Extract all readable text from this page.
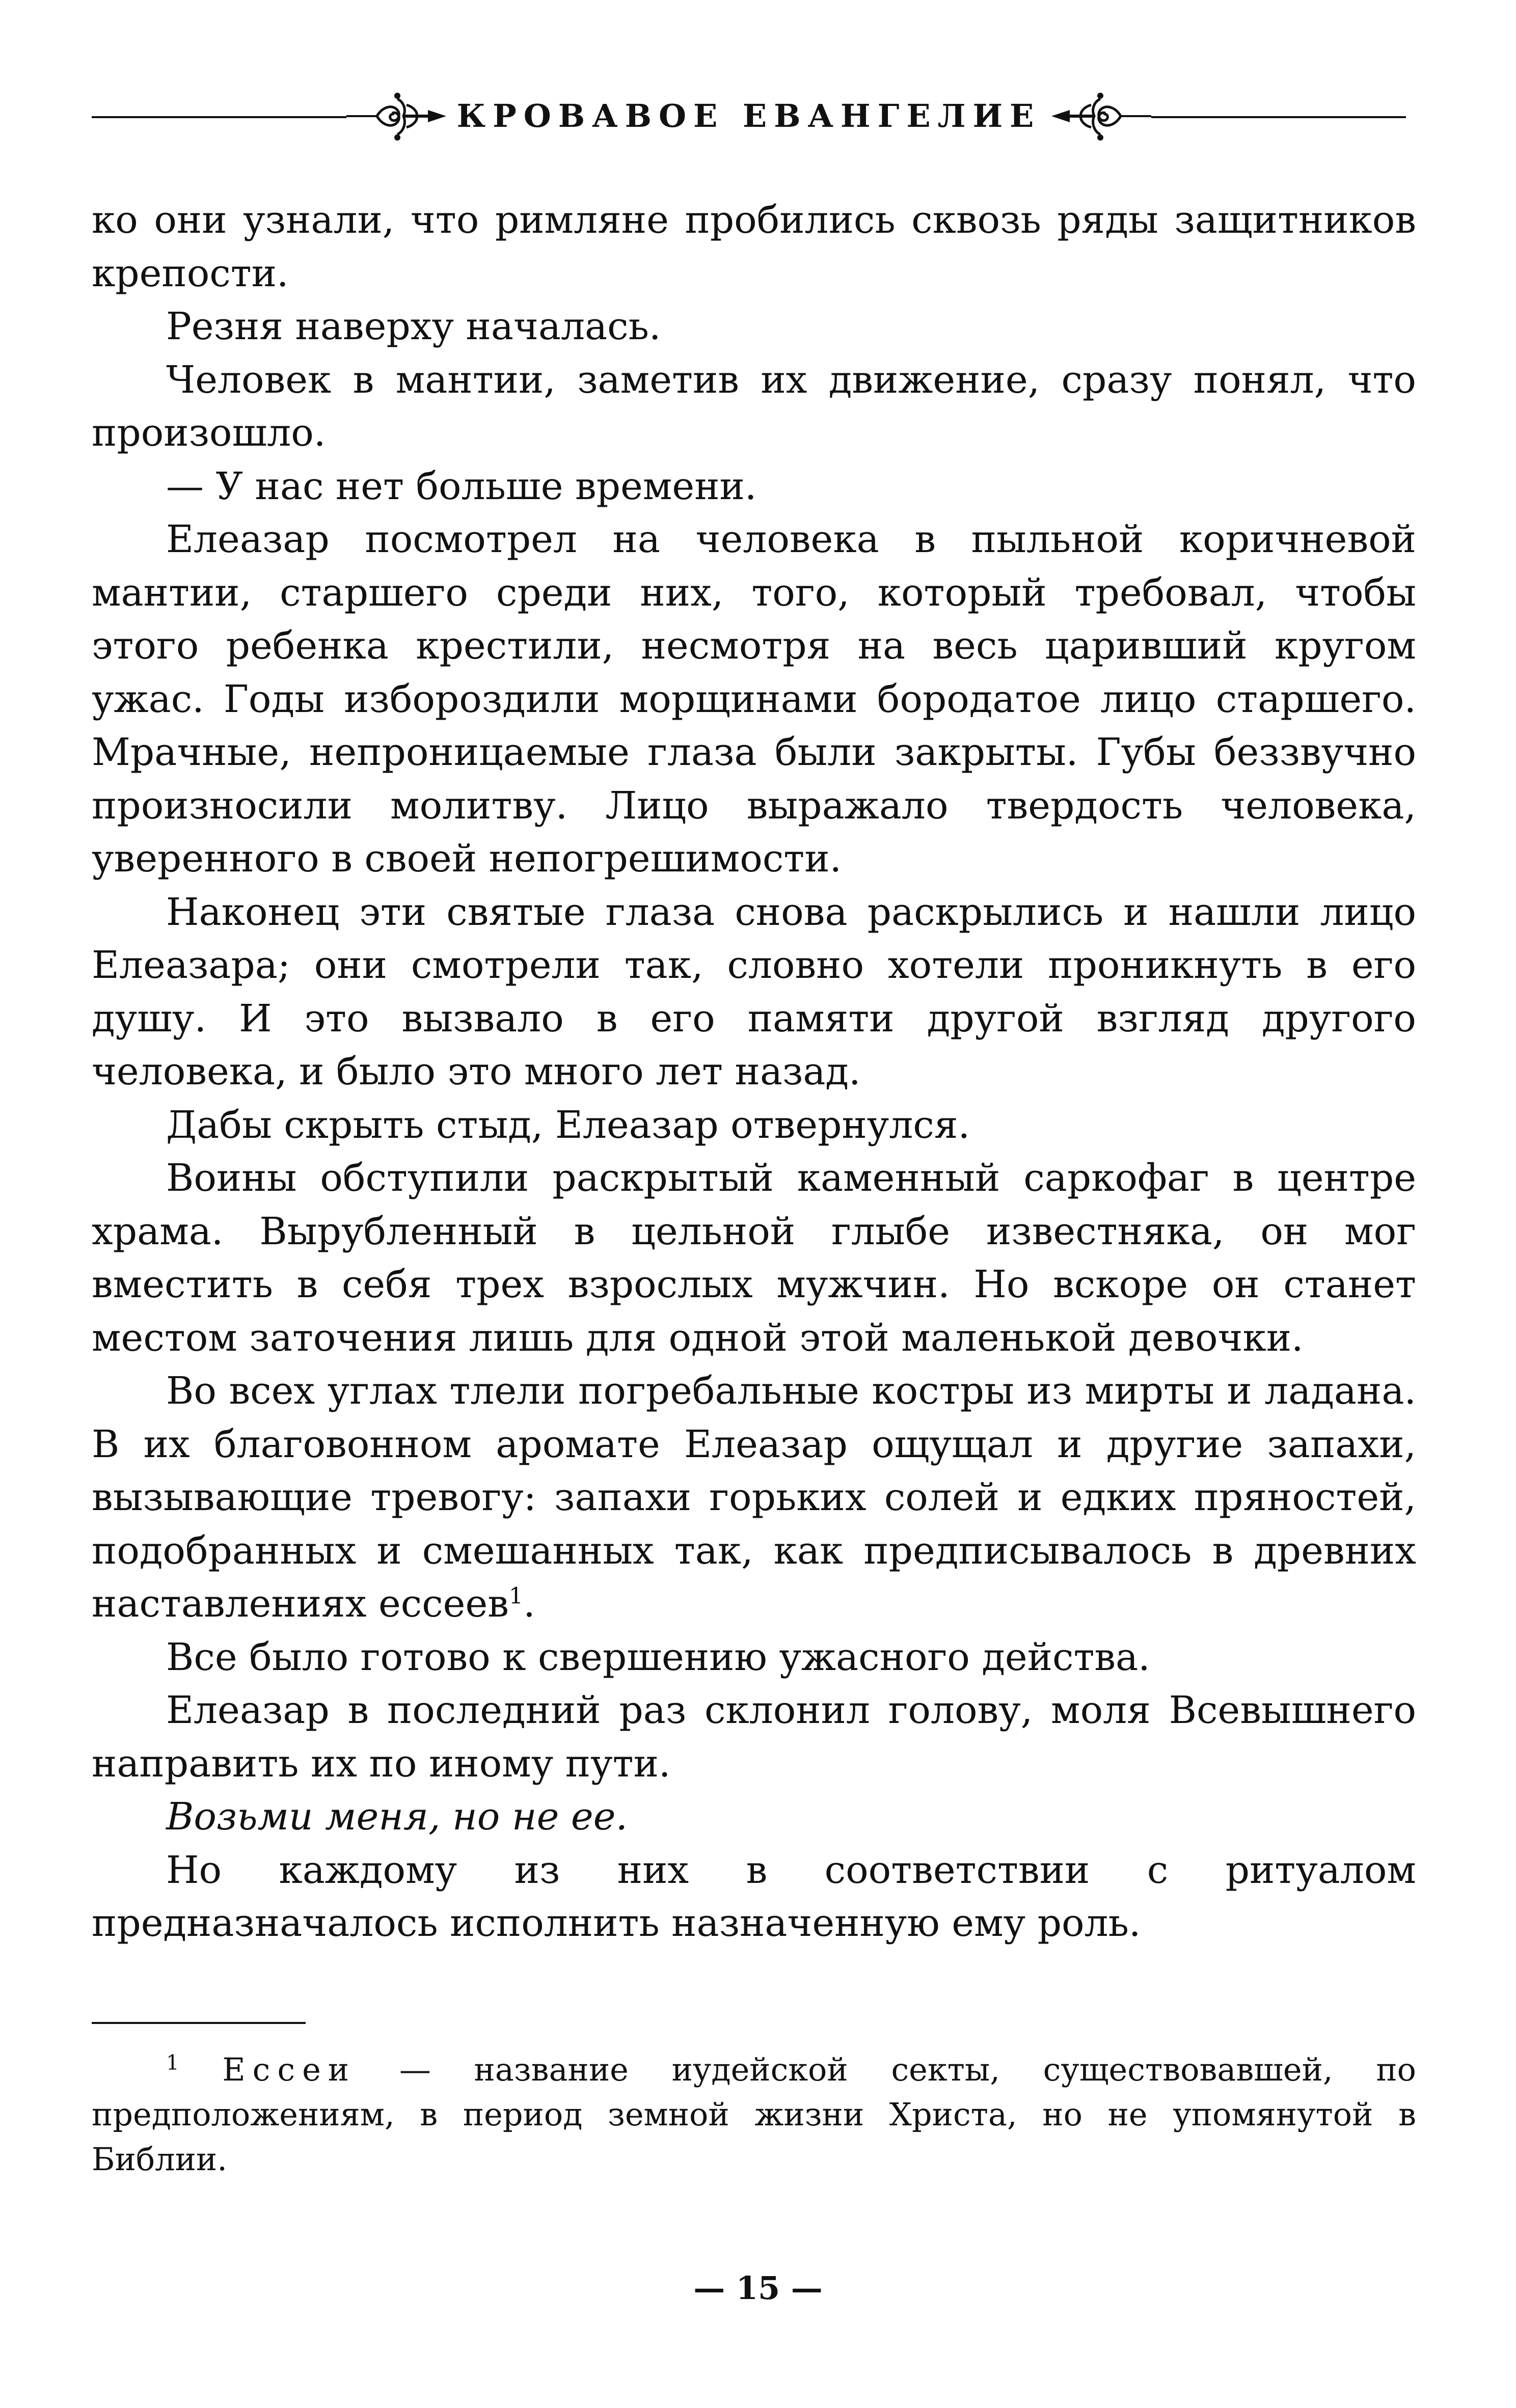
КРОВАВОЕ ЕВАНГЕЛИЕ

ко они узнали, что римляне пробились сквозь ряды защитников крепости.

Резня наверху началась.

Человек в мантии, заметив их движение, сразу понял, что произошло.

— У нас нет больше времени.

Елеазар посмотрел на человека в пыльной коричневой мантии, старшего среди них, того, который требовал, чтобы этого ребенка крестили, несмотря на весь царивший кругом ужас. Годы избороздили морщинами бородатое лицо старшего. Мрачные, непроницаемые глаза были закрыты. Губы беззвучно произносили молитву. Лицо выражало твердость человека, уверенного в своей непогрешимости.

Наконец эти святые глаза снова раскрылись и нашли лицо Елеазара; они смотрели так, словно хотели проникнуть в его душу. И это вызвало в его памяти другой взгляд другого человека, и было это много лет назад.

Дабы скрыть стыд, Елеазар отвернулся.

Воины обступили раскрытый каменный саркофаг в центре храма. Вырубленный в цельной глыбе известняка, он мог вместить в себя трех взрослых мужчин. Но вскоре он станет местом заточения лишь для одной этой маленькой девочки.

Во всех углах тлели погребальные костры из мирты и ладана. В их благовонном аромате Елеазар ощущал и другие запахи, вызывающие тревогу: запахи горьких солей и едких пряностей, подобранных и смешанных так, как предписывалось в древних наставлениях ессеев$^1$.

Все было готово к свершению ужасного действа.

Елеазар в последний раз склонил голову, моля Всевышнего направить их по иному пути.

Возьми меня, но не ее.

Но каждому из них в соответствии с ритуалом предназначалось исполнить назначенную ему роль.

$^1$ Ессеи — название иудейской секты, существовавшей, по предположениям, в период земной жизни Христа, но не упомянутой в Библии.
— 15 —
